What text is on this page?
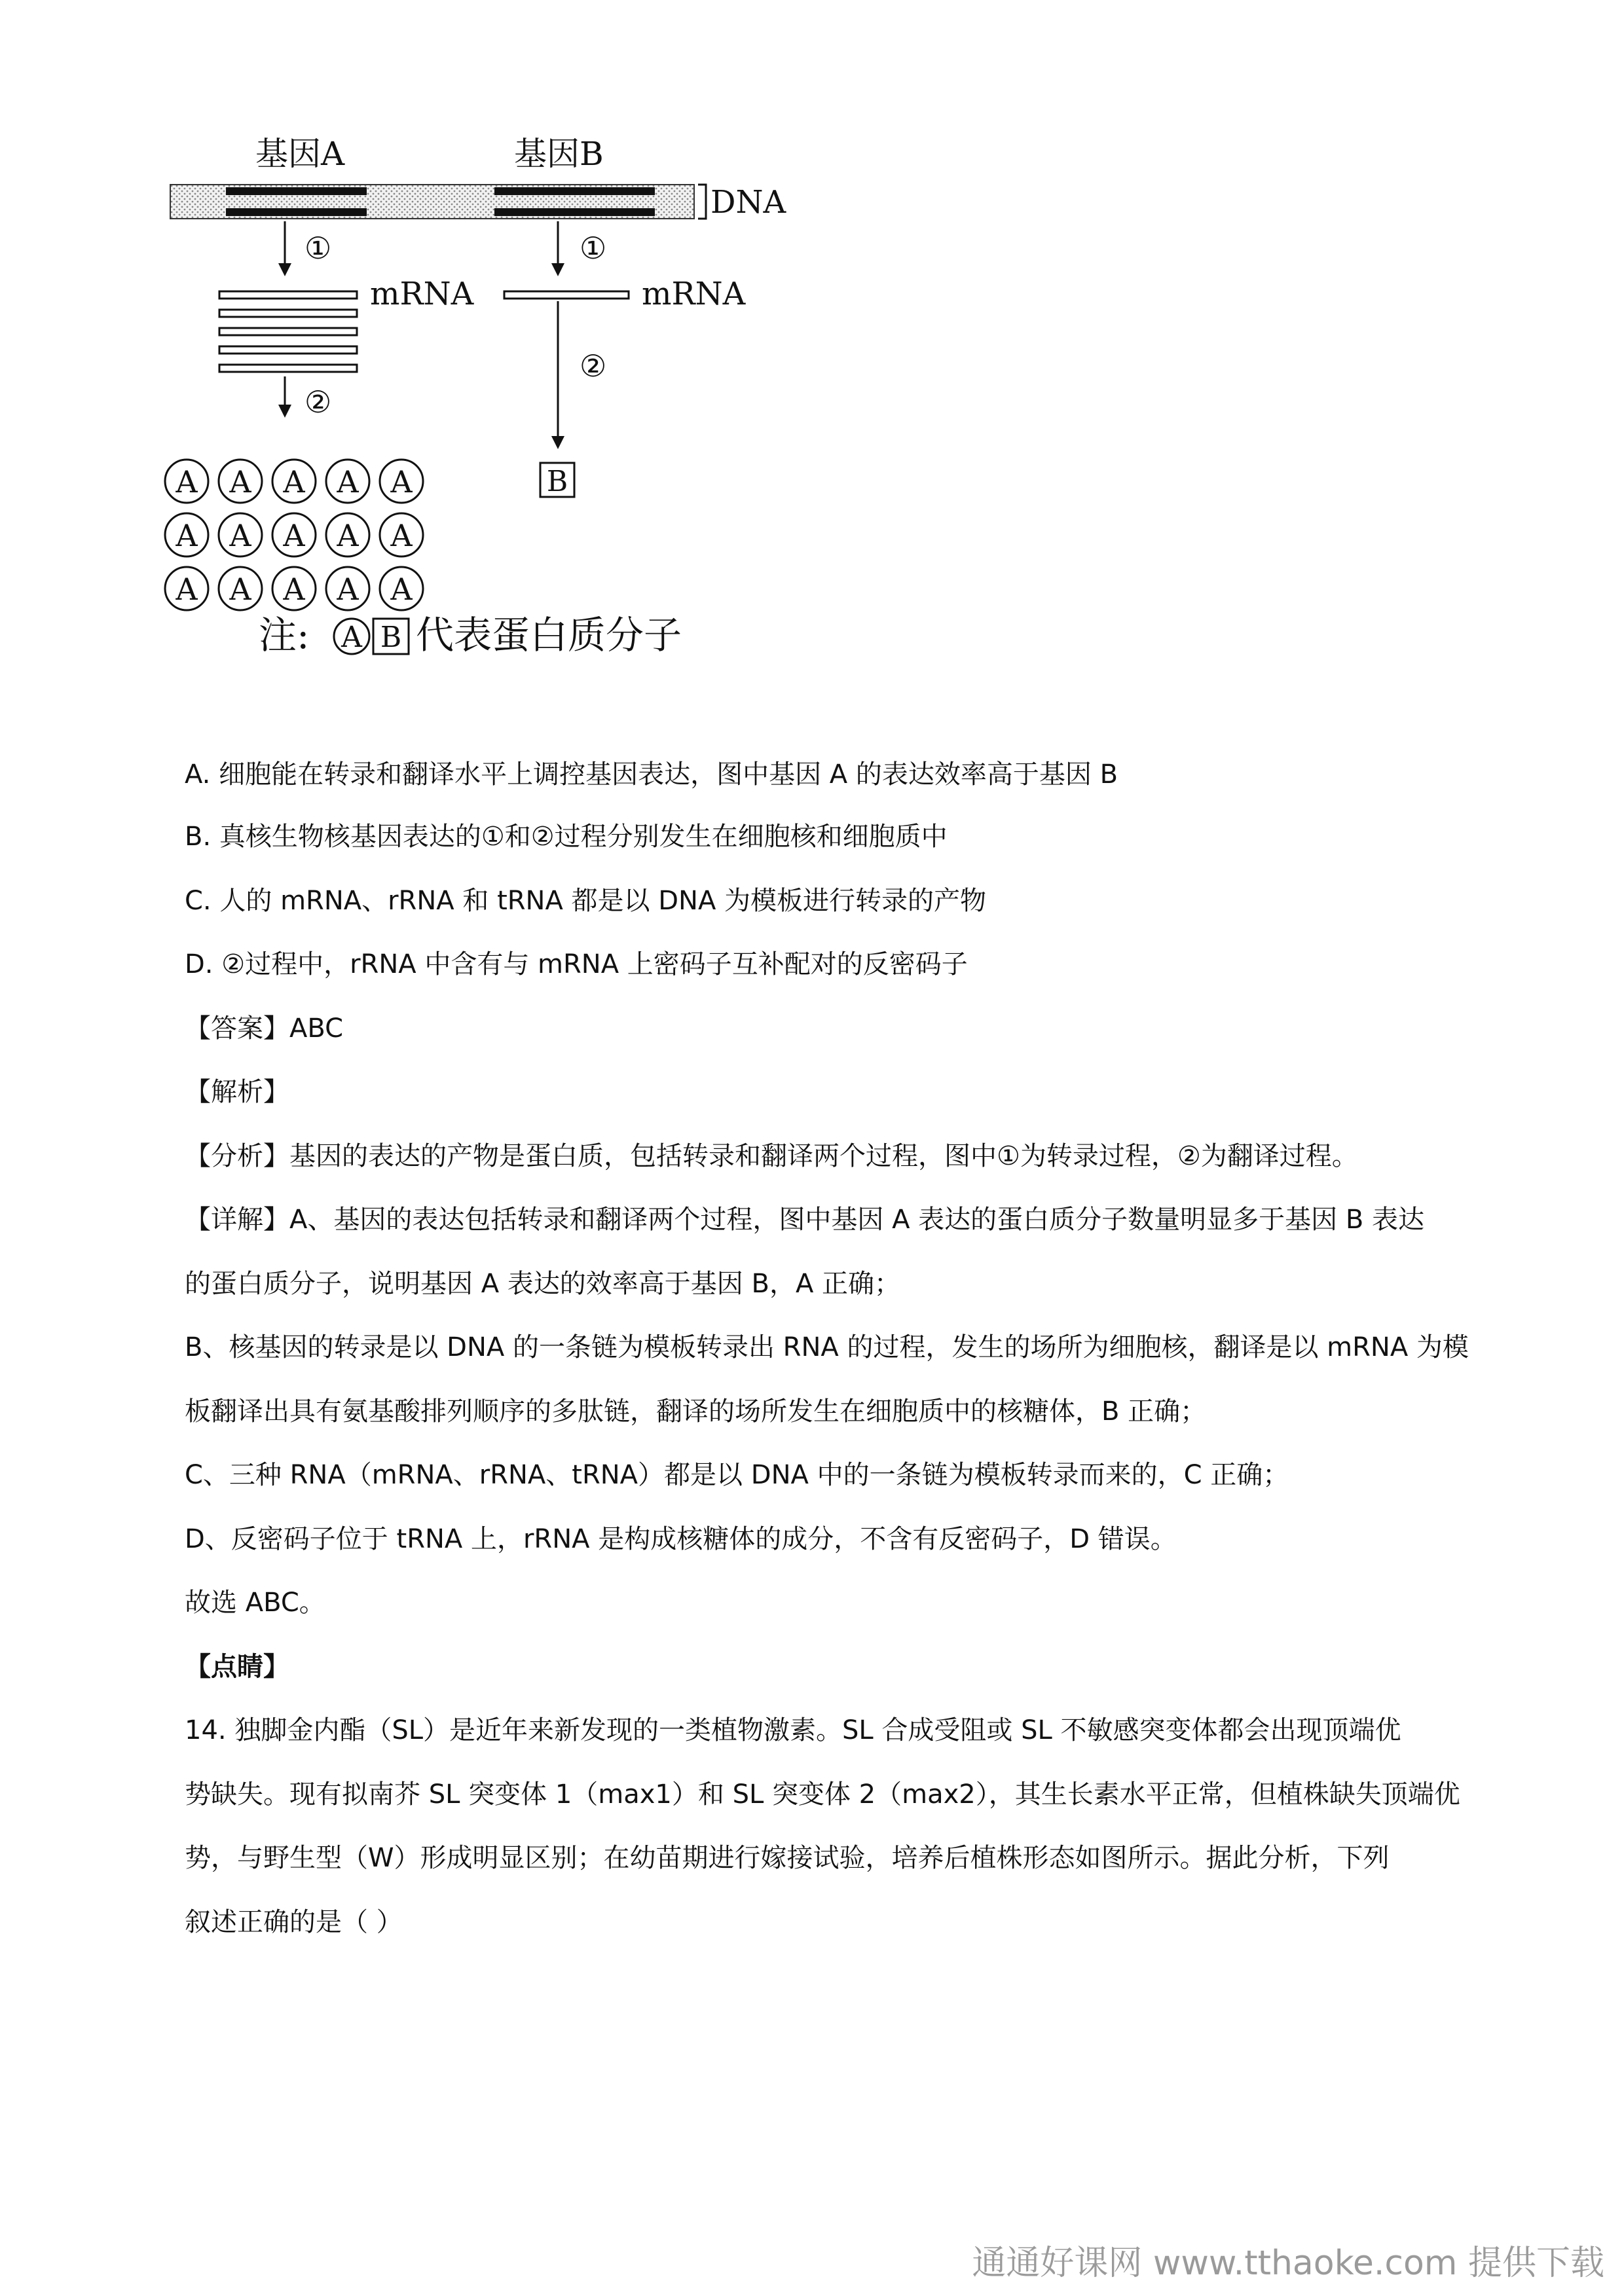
基因A	基因B
DNA
①	①
mRNA	mRNA
②
②
A A A A A
A A A A A
A A A A A
B
注: A B 代表蛋白质分子
A. 细胞能在转录和翻译水平上调控基因表达，图中基因 A 的表达效率高于基因 B
B. 真核生物核基因表达的①和②过程分别发生在细胞核和细胞质中
C. 人的 mRNA、rRNA 和 tRNA 都是以 DNA 为模板进行转录的产物
D. ②过程中，rRNA 中含有与 mRNA 上密码子互补配对的反密码子
【答案】ABC
【解析】
【分析】基因的表达的产物是蛋白质，包括转录和翻译两个过程，图中①为转录过程，②为翻译过程。
【详解】A、基因的表达包括转录和翻译两个过程，图中基因 A 表达的蛋白质分子数量明显多于基因 B 表达
的蛋白质分子，说明基因 A 表达的效率高于基因 B，A 正确；
B、核基因的转录是以 DNA 的一条链为模板转录出 RNA 的过程，发生的场所为细胞核，翻译是以 mRNA 为模
板翻译出具有氨基酸排列顺序的多肽链，翻译的场所发生在细胞质中的核糖体，B 正确；
C、三种 RNA（mRNA、rRNA、tRNA）都是以 DNA 中的一条链为模板转录而来的，C 正确；
D、反密码子位于 tRNA 上，rRNA 是构成核糖体的成分，不含有反密码子，D 错误。
故选 ABC。
【点睛】
14. 独脚金内酯（SL）是近年来新发现的一类植物激素。SL 合成受阻或 SL 不敏感突变体都会出现顶端优
势缺失。现有拟南芥 SL 突变体 1（max1）和 SL 突变体 2（max2），其生长素水平正常，但植株缺失顶端优
势，与野生型（W）形成明显区别；在幼苗期进行嫁接试验，培养后植株形态如图所示。据此分析，下列
叙述正确的是（ ）
通通好课网 www.tthaoke.com 提供下载
